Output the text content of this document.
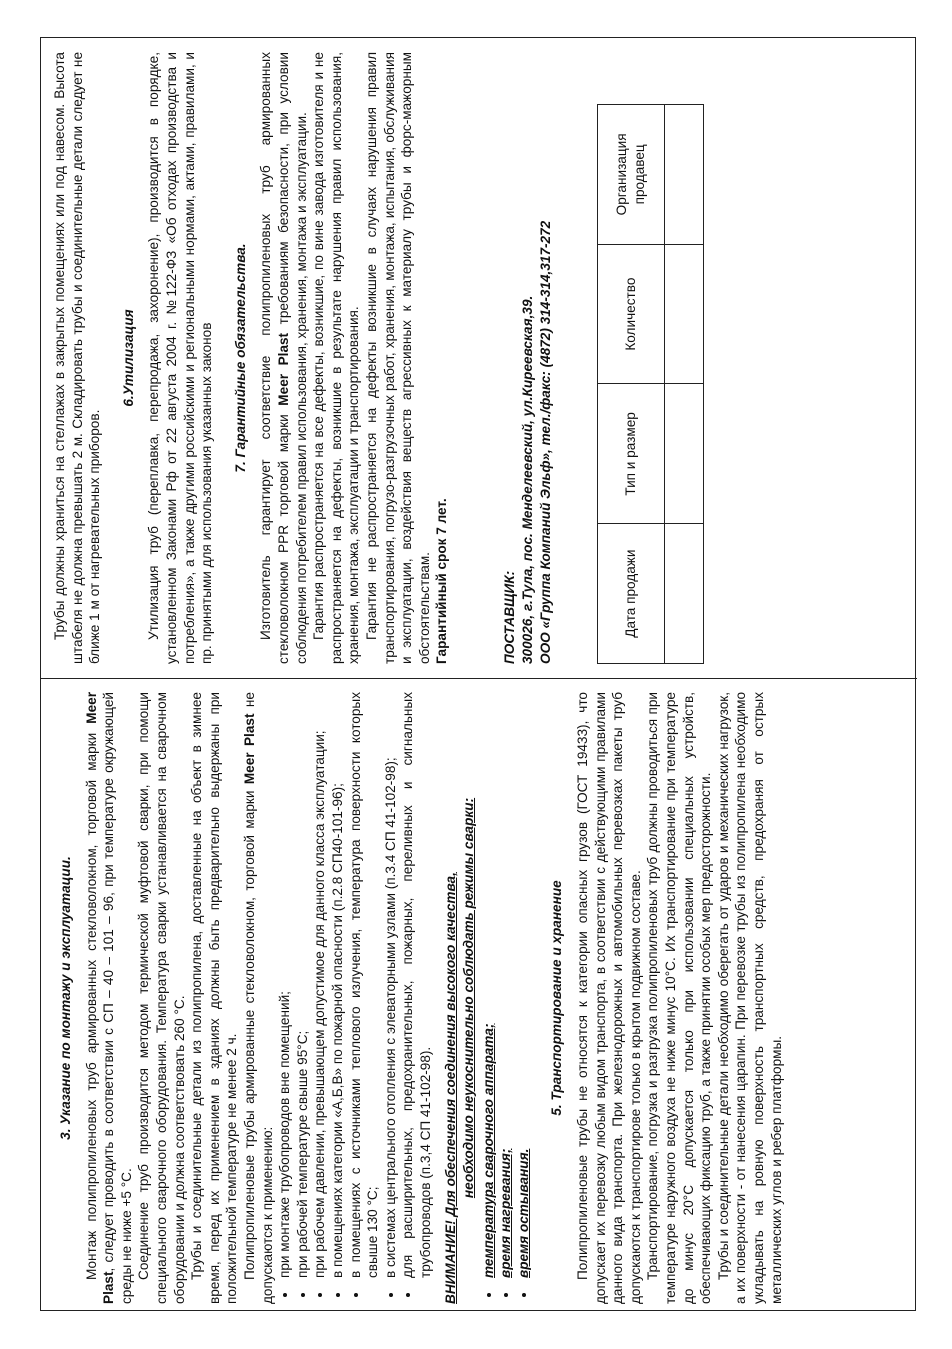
3. Указание по монтажу и эксплуатации. Монтаж полипропиленовых труб армированных стекловолокном, торговой марки Meer Plast, следует проводить в соответствии с СП – 40 – 101 – 96, при температуре окружающей среды не ниже +5 °С. Соединение труб производится методом термической муфтовой сварки, при помощи специального сварочного оборудования. Температура сварки устанавливается на сварочном оборудовании и должна соответствовать 260 °С. Трубы и соединительные детали из полипропилена, доставленные на объект в зимнее время, перед их применением в зданиях должны быть предварительно выдержаны при положительной температуре не менее 2 ч. Полипропиленовые трубы армированные стекловолокном, торговой марки Meer Plast не допускаются к применению: • при монтаже трубопроводов вне помещений; • при рабочей температуре свыше 95°С; • при рабочем давлении, превышающем допустимое для данного класса эксплуатации; • в помещениях категории «А,Б,В» по пожарной опасности (п.2.8 СП40-101-96); • в помещениях с источниками теплового излучения, температура поверхности которых свыше 130 °С; • в системах центрального отопления с элеваторными узлами (п.3.4 СП 41-102-98); • для расширительных, предохранительных, пожарных, переливных и сигнальных трубопроводов (п.3,4 СП 41-102-98). ВНИМАНИЕ! Для обеспечения соединения высокого качества, необходимо неукоснительно соблюдать режимы сварки: • температура сварочного аппарата; • время нагревания; • время остывания.
5. Транспортирование и хранение Полипропиленовые трубы не относятся к категории опасных грузов (ГОСТ 19433), что допускает их перевозку любым видом транспорта, в соответствии с действующими правилами данного вида транспорта. При железнодорожных и автомобильных перевозках пакеты труб допускаются к транспортирове только в крытом подвижном составе. Транспортирование, погрузка и разгрузка полипропиленовых труб должны проводиться при температуре наружного воздуха не ниже минус 10°С. Их транспортирование при температуре до минус 20°С допускается только при использовании специальных устройств, обеспечивающих фиксацию труб, а также принятии особых мер предосторожности. Трубы и соединительные детали необходимо оберегать от ударов и механических нагрузок, а их поверхности - от нанесения царапин. При перевозке трубы из полипропилена необходимо укладывать на ровную поверхность транспортных средств, предохраняя от острых металлических углов и ребер платформы.

Трубы должны храниться на стеллажах в закрытых помещениях или под навесом. Высота штабеля не должна превышать 2 м. Складировать трубы и соединительные детали следует не ближе 1 м от нагревательных приборов.

6.Утилизация Утилизация труб (переплавка, перепродажа, захоронение), производится в порядке, установленном Законами Рф от 22 августа 2004 г. №122-ФЗ «Об отходах производства и потребления», а также другими российскими и региональными нормами, актами, правилами, и пр. принятыми для использования указанных законов 7. Гарантийные обязательства. Изготовитель гарантирует соответствие полипропиленовых труб армированных стекловолокном PPR торговой марки Meer Plast требованиям безопасности, при условии соблюдения потребителем правил использования, хранения, монтажа и эксплуатации. Гарантия распространяется на все дефекты, возникшие, по вине завода изготовителя и не распространяется на дефекты, возникшие в результате нарушения правил использования, хранения, монтажа, эксплуатации и транспортирования. Гарантия не распространяется на дефекты возникшие в случаях нарушения правил транспортирования, погрузо-разгрузочных работ, хранения, монтажа, испытания, обслуживания и эксплуатации, воздействия веществ агрессивных к материалу трубы и форс-мажорным обстоятельствам. Гарантийный срок 7 лет.	ПОСТАВЩИК: 300026, г.Тула, пос. Менделеевский, ул.Киреевская,39. ООО «Группа Компаний Эльф», тел./факс: (4872) 314-314,317-272	Дата продажи	Тип и размер	Количество	Организация продавец
